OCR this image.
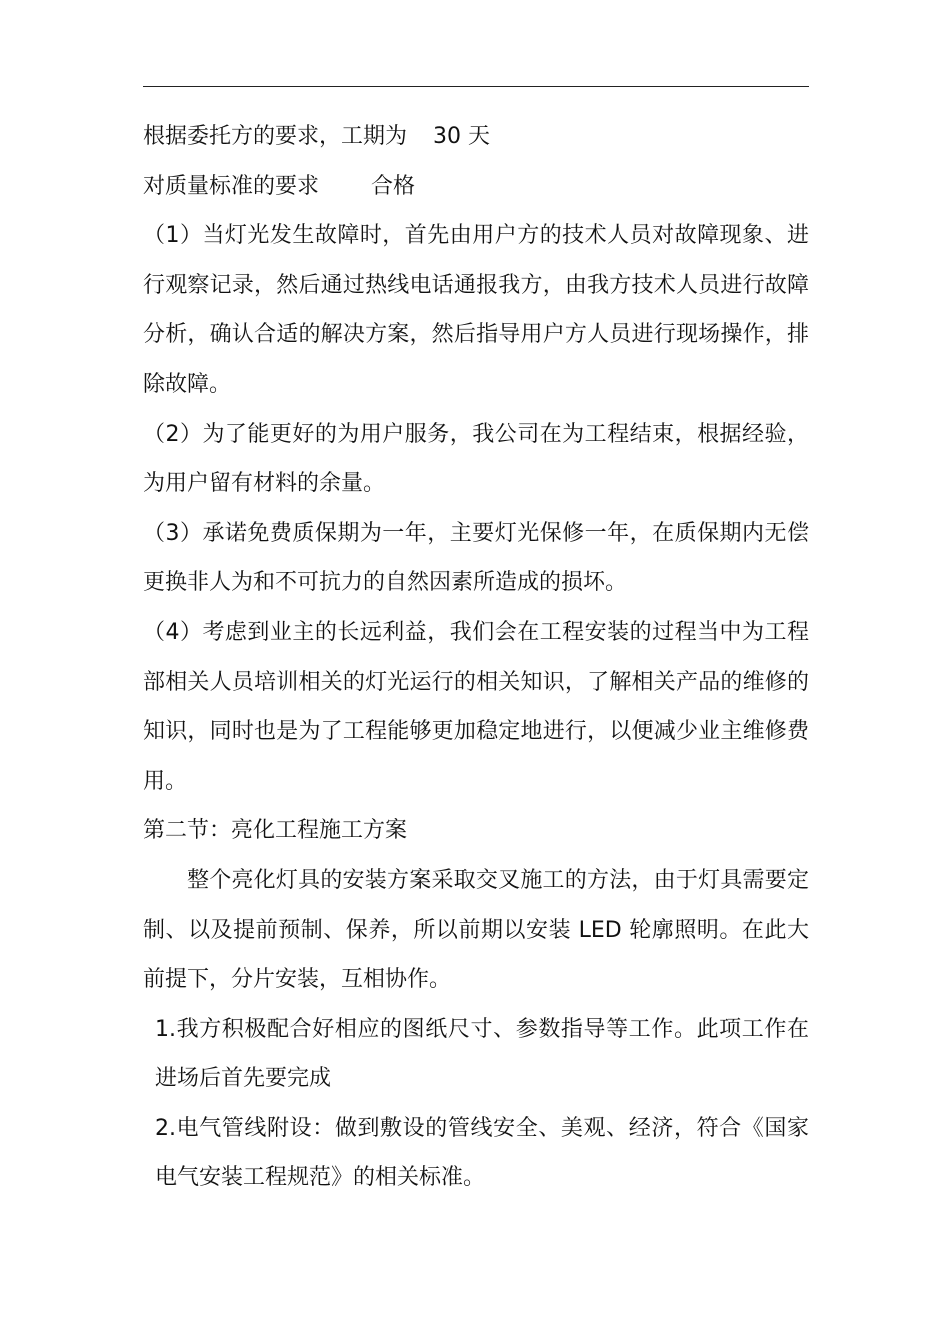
根据委托方的要求，工期为 30 天

对质量标准的要求 合格

（1）当灯光发生故障时，首先由用户方的技术人员对故障现象、进行观察记录，然后通过热线电话通报我方，由我方技术人员进行故障分析，确认合适的解决方案，然后指导用户方人员进行现场操作，排除故障。

（2）为了能更好的为用户服务，我公司在为工程结束，根据经验，为用户留有材料的余量。

（3）承诺免费质保期为一年，主要灯光保修一年，在质保期内无偿更换非人为和不可抗力的自然因素所造成的损坏。

（4）考虑到业主的长远利益，我们会在工程安装的过程当中为工程部相关人员培训相关的灯光运行的相关知识，了解相关产品的维修的知识，同时也是为了工程能够更加稳定地进行，以便减少业主维修费用。

第二节：亮化工程施工方案

整个亮化灯具的安装方案采取交叉施工的方法，由于灯具需要定制、以及提前预制、保养，所以前期以安装 LED 轮廓照明。在此大前提下，分片安装，互相协作。

1.我方积极配合好相应的图纸尺寸、参数指导等工作。此项工作在进场后首先要完成

2.电气管线附设：做到敷设的管线安全、美观、经济，符合《国家电气安装工程规范》的相关标准。
